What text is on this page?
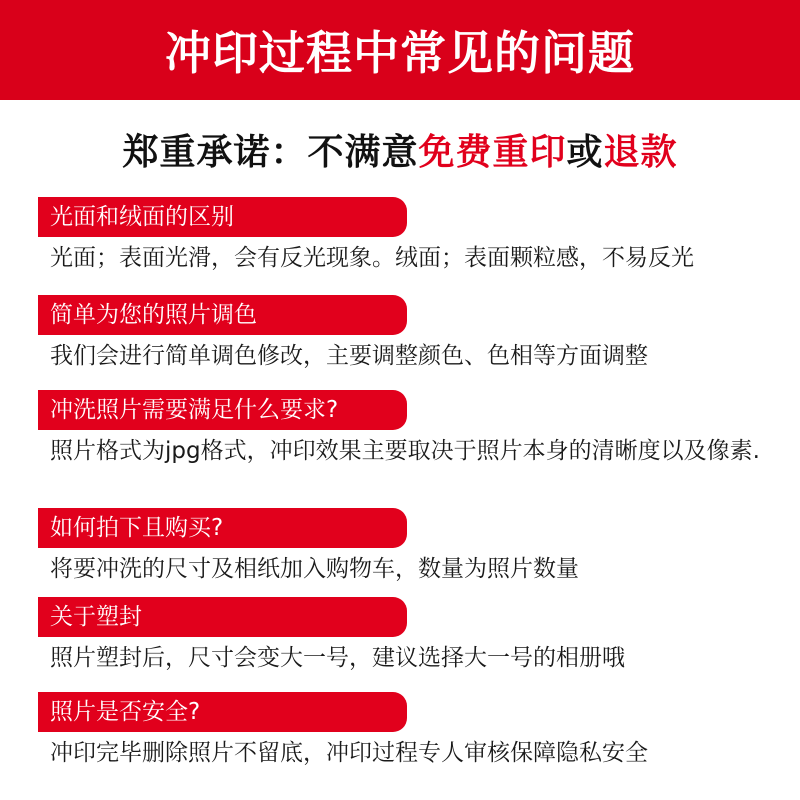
冲印过程中常见的问题
郑重承诺：不满意免费重印或退款
光面和绒面的区别
光面；表面光滑，会有反光现象。绒面；表面颗粒感，不易反光
简单为您的照片调色
我们会进行简单调色修改，主要调整颜色、色相等方面调整
冲洗照片需要满足什么要求?
照片格式为jpg格式，冲印效果主要取决于照片本身的清晰度以及像素.
如何拍下且购买?
将要冲洗的尺寸及相纸加入购物车，数量为照片数量
关于塑封
照片塑封后，尺寸会变大一号，建议选择大一号的相册哦
照片是否安全?
冲印完毕删除照片不留底，冲印过程专人审核保障隐私安全
